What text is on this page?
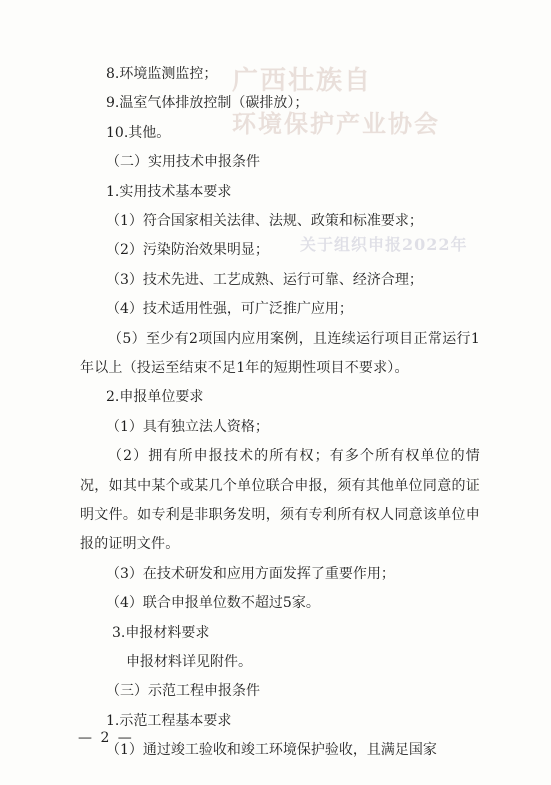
广西壮族自
环境保护产业协会
关于组织申报2022年
8.环境监测监控；
9.温室气体排放控制（碳排放）；
10.其他。
（二）实用技术申报条件
1.实用技术基本要求
（1）符合国家相关法律、法规、政策和标准要求；
（2）污染防治效果明显；
（3）技术先进、工艺成熟、运行可靠、经济合理；
（4）技术适用性强，可广泛推广应用；
（5）至少有2项国内应用案例，且连续运行项目正常运行1年以上（投运至结束不足1年的短期性项目不要求）。
2.申报单位要求
（1）具有独立法人资格；
（2）拥有所申报技术的所有权；有多个所有权单位的情况，如其中某个或某几个单位联合申报，须有其他单位同意的证明文件。如专利是非职务发明，须有专利所有权人同意该单位申报的证明文件。
（3）在技术研发和应用方面发挥了重要作用；
（4）联合申报单位数不超过5家。
3.申报材料要求
申报材料详见附件。
（三）示范工程申报条件
1.示范工程基本要求
（1）通过竣工验收和竣工环境保护验收，且满足国家
— 2 —
